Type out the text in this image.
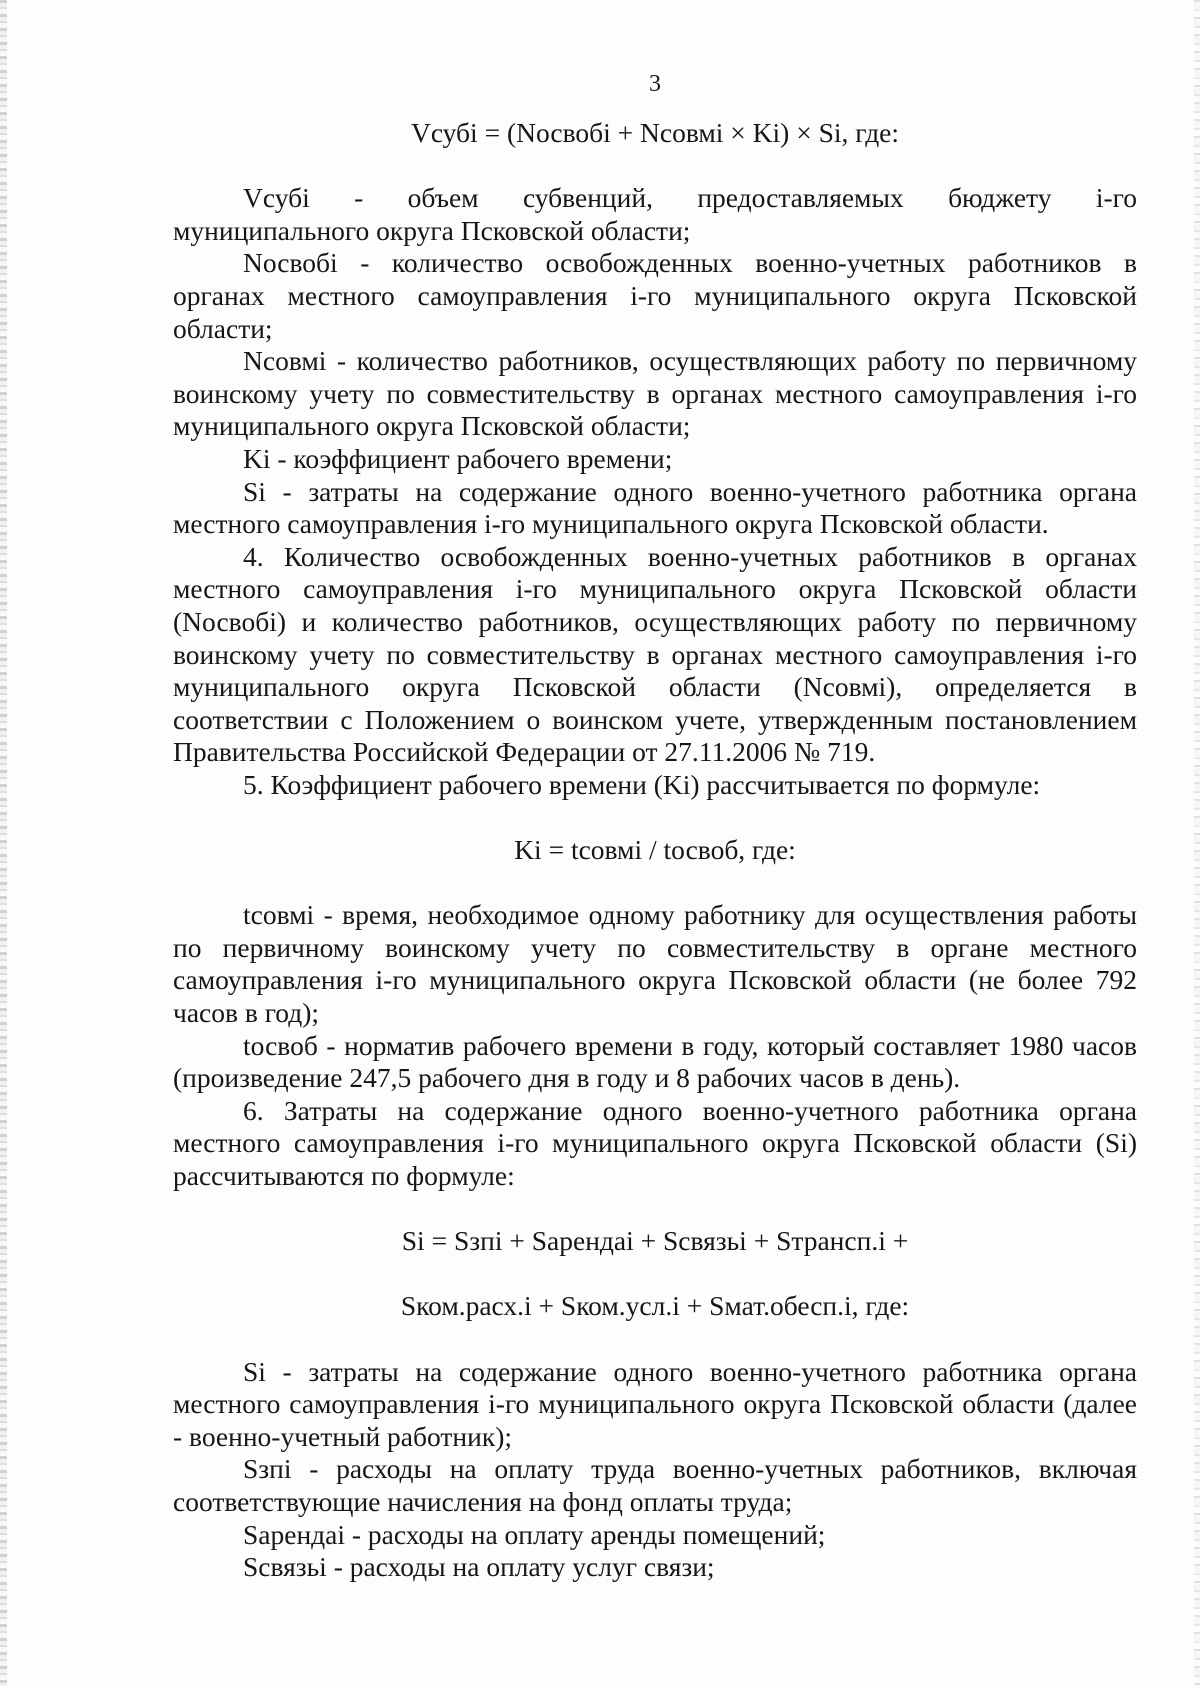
3

Vсубi = (Nосвобi + Nсовмi × Ki) × Si, где:

Vсубi - объем субвенций, предоставляемых бюджету i-го

муниципального округа Псковской области;

Nосвобi - количество освобожденных военно-учетных работников в органах местного самоуправления i-го муниципального округа Псковской области;

Nсовмi - количество работников, осуществляющих работу по первичному воинскому учету по совместительству в органах местного самоуправления i-го муниципального округа Псковской области;

Ki - коэффициент рабочего времени;

Si - затраты на содержание одного военно-учетного работника органа местного самоуправления i-го муниципального округа Псковской области.

4. Количество освобожденных военно-учетных работников в органах местного самоуправления i-го муниципального округа Псковской области (Nосвобi) и количество работников, осуществляющих работу по первичному воинскому учету по совместительству в органах местного самоуправления i-го муниципального округа Псковской области (Nсовмi), определяется в соответствии с Положением о воинском учете, утвержденным постановлением Правительства Российской Федерации от 27.11.2006 № 719.

5. Коэффициент рабочего времени (Ki) рассчитывается по формуле:

Ki = tсовмi / tосвоб, где:

tсовмi - время, необходимое одному работнику для осуществления работы по первичному воинскому учету по совместительству в органе местного самоуправления i-го муниципального округа Псковской области (не более 792 часов в год);

tосвоб - норматив рабочего времени в году, который составляет 1980 часов (произведение 247,5 рабочего дня в году и 8 рабочих часов в день).

6. Затраты на содержание одного военно-учетного работника органа местного самоуправления i-го муниципального округа Псковской области (Si) рассчитываются по формуле:

Si = Sзпi + Sарендаi + Sсвязьi + Sтрансп.i +

Sком.расх.i + Sком.усл.i + Sмат.обесп.i, где:

Si - затраты на содержание одного военно-учетного работника органа местного самоуправления i-го муниципального округа Псковской области (далее - военно-учетный работник);

Sзпi - расходы на оплату труда военно-учетных работников, включая соответствующие начисления на фонд оплаты труда;

Sарендаi - расходы на оплату аренды помещений;

Sсвязьi - расходы на оплату услуг связи;
